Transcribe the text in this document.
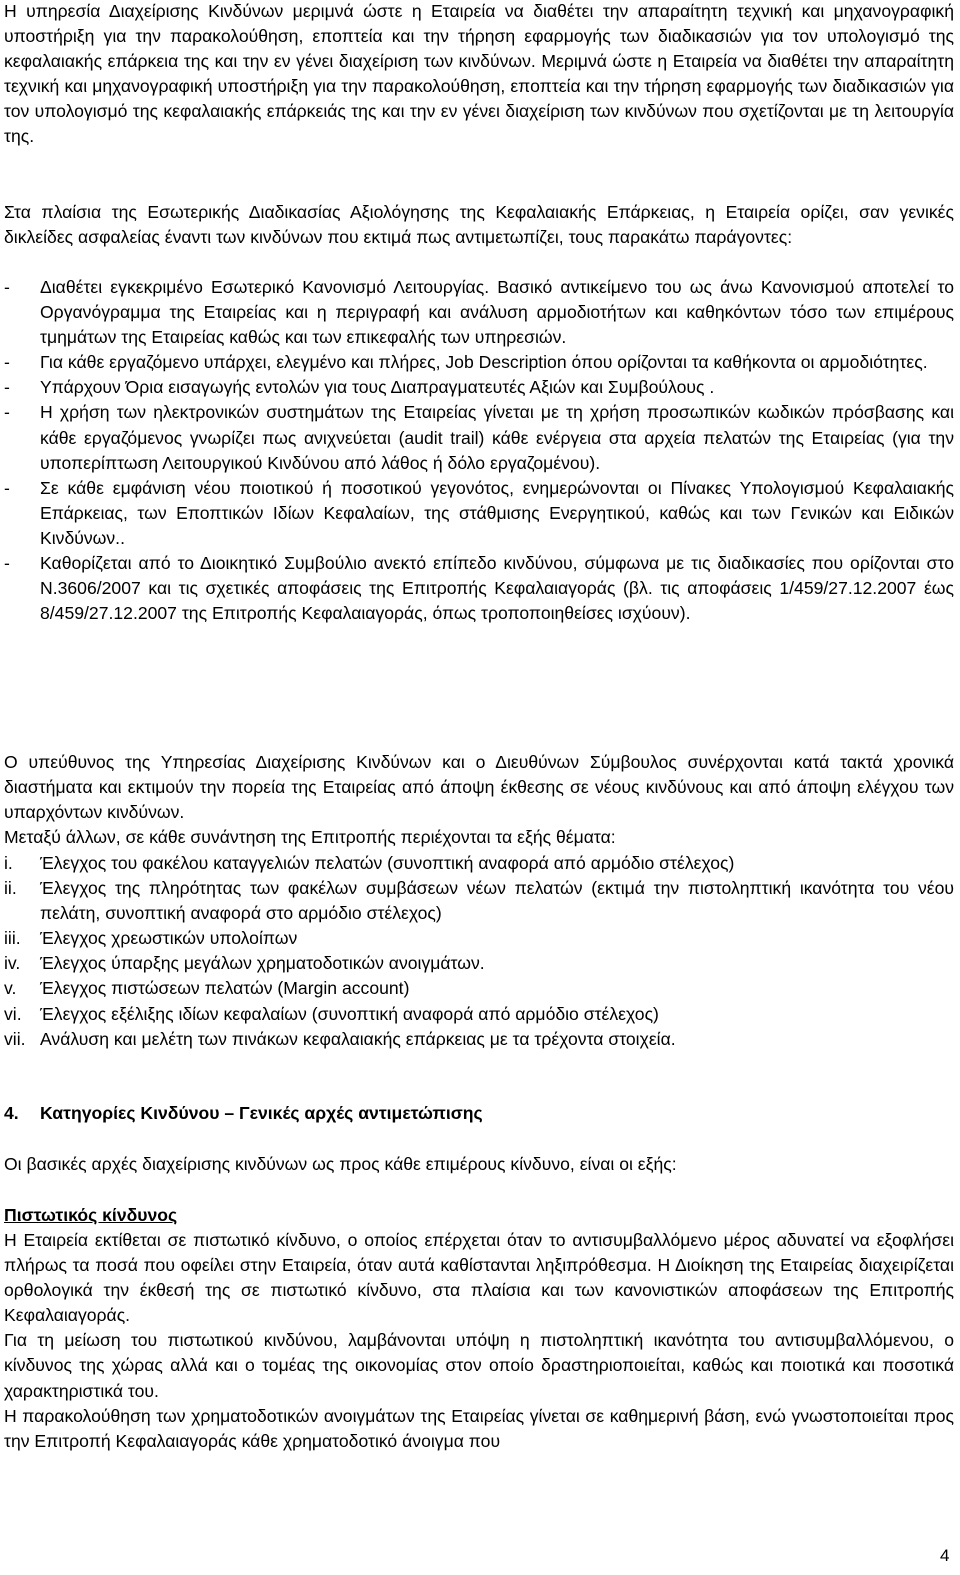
Η υπηρεσία Διαχείρισης Κινδύνων μεριμνά ώστε η Εταιρεία να διαθέτει την απαραίτητη τεχνική και μηχανογραφική υποστήριξη για την παρακολούθηση, εποπτεία και την τήρηση εφαρμογής των διαδικασιών για τον υπολογισμό της κεφαλαιακής επάρκεια της και την εν γένει διαχείριση των κινδύνων. Μεριμνά ώστε η Εταιρεία να διαθέτει την απαραίτητη τεχνική και μηχανογραφική υποστήριξη για την παρακολούθηση, εποπτεία και την τήρηση εφαρμογής των διαδικασιών για τον υπολογισμό της κεφαλαιακής επάρκειάς της και την εν γένει διαχείριση των κινδύνων που σχετίζονται με τη λειτουργία της.

Στα πλαίσια της Εσωτερικής Διαδικασίας Αξιολόγησης της Κεφαλαιακής Επάρκειας, η Εταιρεία ορίζει, σαν γενικές δικλείδες ασφαλείας έναντι των κινδύνων που εκτιμά πως αντιμετωπίζει, τους παρακάτω παράγοντες:

- Διαθέτει εγκεκριμένο Εσωτερικό Κανονισμό Λειτουργίας. Βασικό αντικείμενο του ως άνω Κανονισμού αποτελεί το Οργανόγραμμα της Εταιρείας και η περιγραφή και ανάλυση αρμοδιοτήτων και καθηκόντων τόσο των επιμέρους τμημάτων της Εταιρείας καθώς και των επικεφαλής των υπηρεσιών.
- Για κάθε εργαζόμενο υπάρχει, ελεγμένο και πλήρες, Job Description όπου ορίζονται τα καθήκοντα οι αρμοδιότητες.
- Υπάρχουν Όρια εισαγωγής εντολών για τους Διαπραγματευτές Αξιών και Συμβούλους .
- Η χρήση των ηλεκτρονικών συστημάτων της Εταιρείας γίνεται με τη χρήση προσωπικών κωδικών πρόσβασης και κάθε εργαζόμενος γνωρίζει πως ανιχνεύεται (audit trail) κάθε ενέργεια στα αρχεία πελατών της Εταιρείας (για την υποπερίπτωση Λειτουργικού Κινδύνου από λάθος ή δόλο εργαζομένου).
- Σε κάθε εμφάνιση νέου ποιοτικού ή ποσοτικού γεγονότος, ενημερώνονται οι Πίνακες Υπολογισμού Κεφαλαιακής Επάρκειας, των Εποπτικών Ιδίων Κεφαλαίων, της στάθμισης Ενεργητικού, καθώς και των Γενικών και Ειδικών Κινδύνων..
- Καθορίζεται από το Διοικητικό Συμβούλιο ανεκτό επίπεδο κινδύνου, σύμφωνα με τις διαδικασίες που ορίζονται στο Ν.3606/2007 και τις σχετικές αποφάσεις της Επιτροπής Κεφαλαιαγοράς (βλ. τις αποφάσεις 1/459/27.12.2007 έως 8/459/27.12.2007 της Επιτροπής Κεφαλαιαγοράς, όπως τροποποιηθείσες ισχύουν).

Ο υπεύθυνος της Υπηρεσίας Διαχείρισης Κινδύνων και ο Διευθύνων Σύμβουλος συνέρχονται κατά τακτά χρονικά διαστήματα και εκτιμούν την πορεία της Εταιρείας από άποψη έκθεσης σε νέους κινδύνους και από άποψη ελέγχου των υπαρχόντων κινδύνων.
Μεταξύ άλλων, σε κάθε συνάντηση της Επιτροπής περιέχονται τα εξής θέματα:

i. Έλεγχος του φακέλου καταγγελιών πελατών (συνοπτική αναφορά από αρμόδιο στέλεχος)
ii. Έλεγχος της πληρότητας των φακέλων συμβάσεων νέων πελατών (εκτιμά την πιστοληπτική ικανότητα του νέου πελάτη, συνοπτική αναφορά στο αρμόδιο στέλεχος)
iii. Έλεγχος χρεωστικών υπολοίπων
iv. Έλεγχος ύπαρξης μεγάλων χρηματοδοτικών ανοιγμάτων.
v. Έλεγχος πιστώσεων πελατών (Margin account)
vi. Έλεγχος εξέλιξης ιδίων κεφαλαίων (συνοπτική αναφορά από αρμόδιο στέλεχος)
vii. Ανάλυση και μελέτη των πινάκων κεφαλαιακής επάρκειας με τα τρέχοντα στοιχεία.
4. Κατηγορίες Κινδύνου – Γενικές αρχές αντιμετώπισης

Οι βασικές αρχές διαχείρισης κινδύνων ως προς κάθε επιμέρους κίνδυνο, είναι οι εξής:

Πιστωτικός κίνδυνος

Η Εταιρεία εκτίθεται σε πιστωτικό κίνδυνο, ο οποίος επέρχεται όταν το αντισυμβαλλόμενο μέρος αδυνατεί να εξοφλήσει πλήρως τα ποσά που οφείλει στην Εταιρεία, όταν αυτά καθίστανται ληξιπρόθεσμα. Η Διοίκηση της Εταιρείας διαχειρίζεται ορθολογικά την έκθεσή της σε πιστωτικό κίνδυνο, στα πλαίσια και των κανονιστικών αποφάσεων της Επιτροπής Κεφαλαιαγοράς.
Για τη μείωση του πιστωτικού κινδύνου, λαμβάνονται υπόψη η πιστοληπτική ικανότητα του αντισυμβαλλόμενου, ο κίνδυνος της χώρας αλλά και ο τομέας της οικονομίας στον οποίο δραστηριοποιείται, καθώς και ποιοτικά και ποσοτικά χαρακτηριστικά του.
Η παρακολούθηση των χρηματοδοτικών ανοιγμάτων της Εταιρείας γίνεται σε καθημερινή βάση, ενώ γνωστοποιείται προς την Επιτροπή Κεφαλαιαγοράς κάθε χρηματοδοτικό άνοιγμα που

4
